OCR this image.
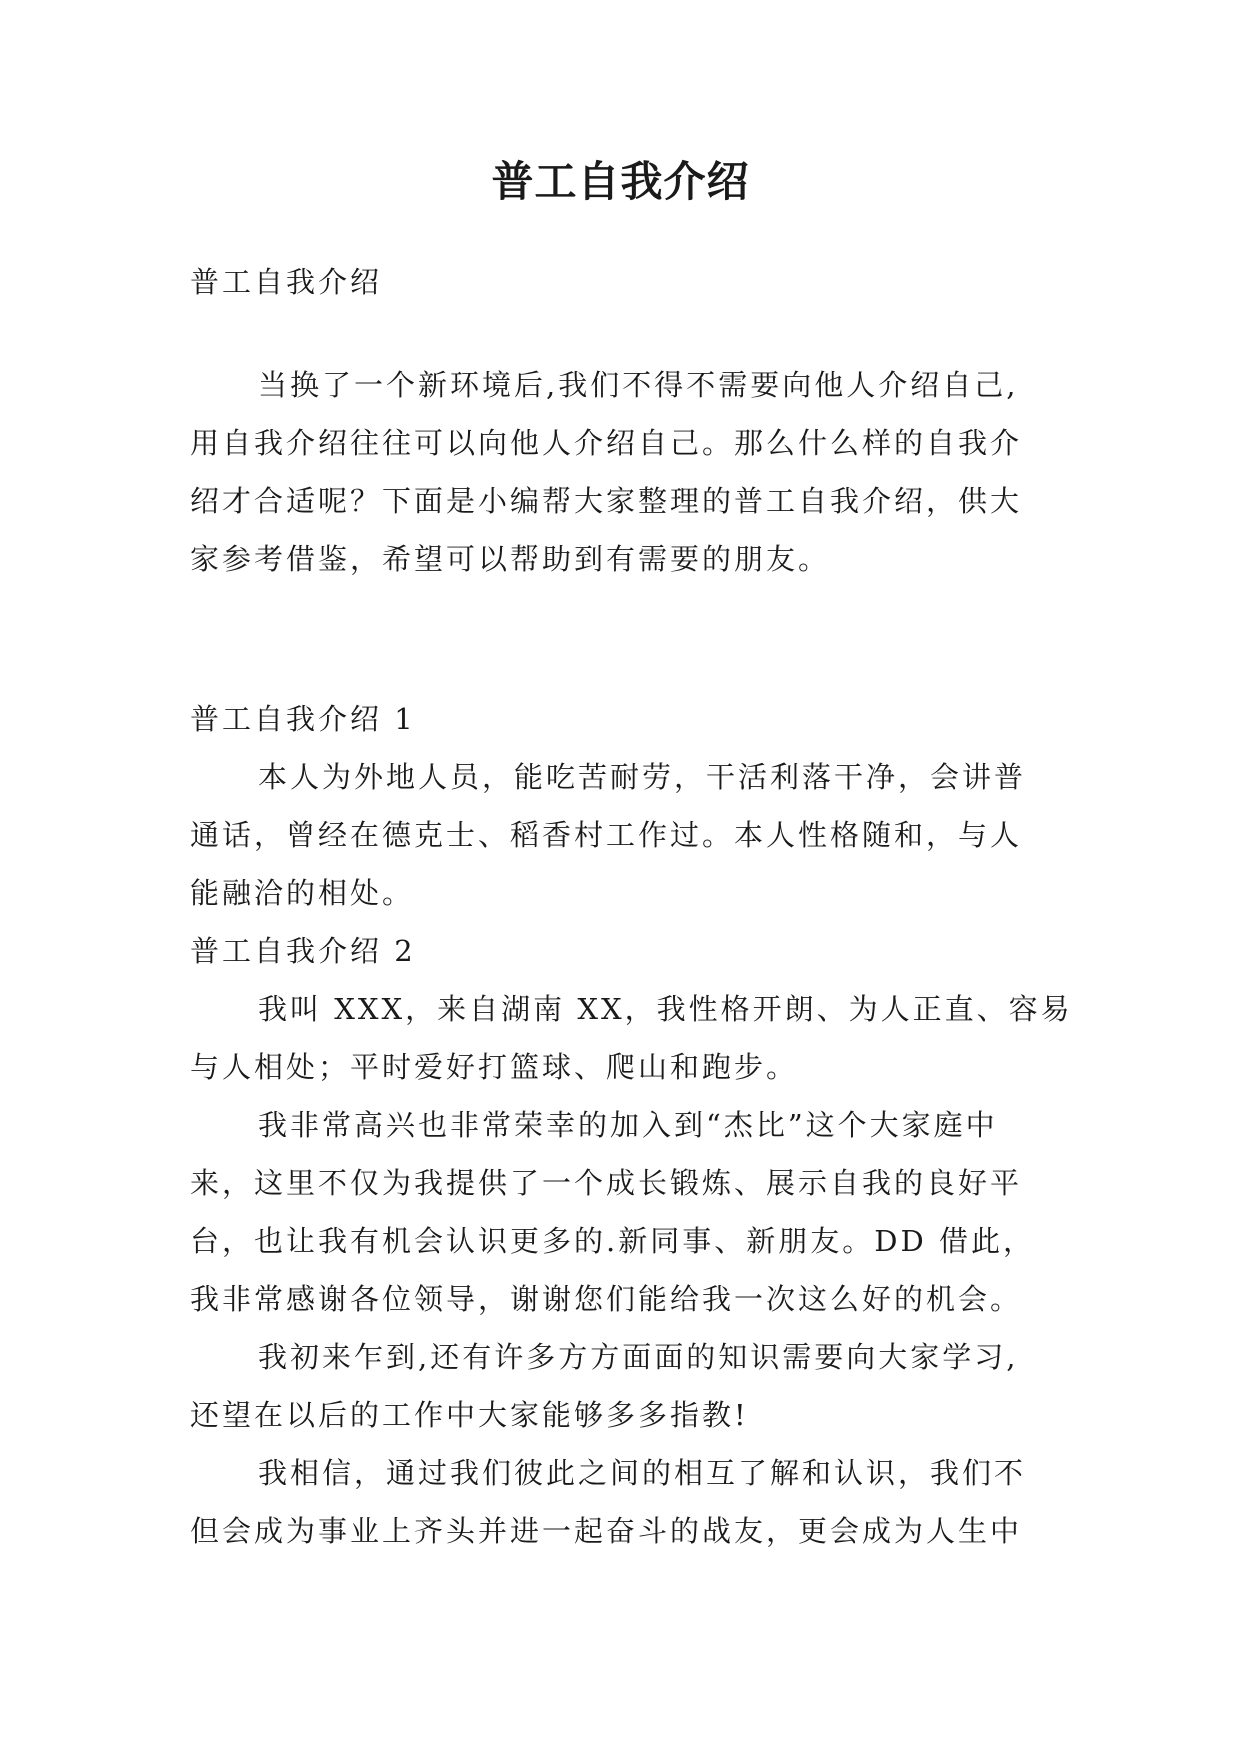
普工自我介绍
普工自我介绍
当换了一个新环境后,我们不得不需要向他人介绍自己,
用自我介绍往往可以向他人介绍自己。那么什么样的自我介
绍才合适呢？下面是小编帮大家整理的普工自我介绍，供大
家参考借鉴，希望可以帮助到有需要的朋友。
普工自我介绍 1
本人为外地人员，能吃苦耐劳，干活利落干净，会讲普
通话，曾经在德克士、稻香村工作过。本人性格随和，与人
能融洽的相处。
普工自我介绍 2
我叫 XXX，来自湖南 XX，我性格开朗、为人正直、容易
与人相处；平时爱好打篮球、爬山和跑步。
我非常高兴也非常荣幸的加入到“杰比”这个大家庭中
来，这里不仅为我提供了一个成长锻炼、展示自我的良好平
台，也让我有机会认识更多的.新同事、新朋友。DD 借此，
我非常感谢各位领导，谢谢您们能给我一次这么好的机会。
我初来乍到,还有许多方方面面的知识需要向大家学习,
还望在以后的工作中大家能够多多指教!
我相信，通过我们彼此之间的相互了解和认识，我们不
但会成为事业上齐头并进一起奋斗的战友，更会成为人生中
